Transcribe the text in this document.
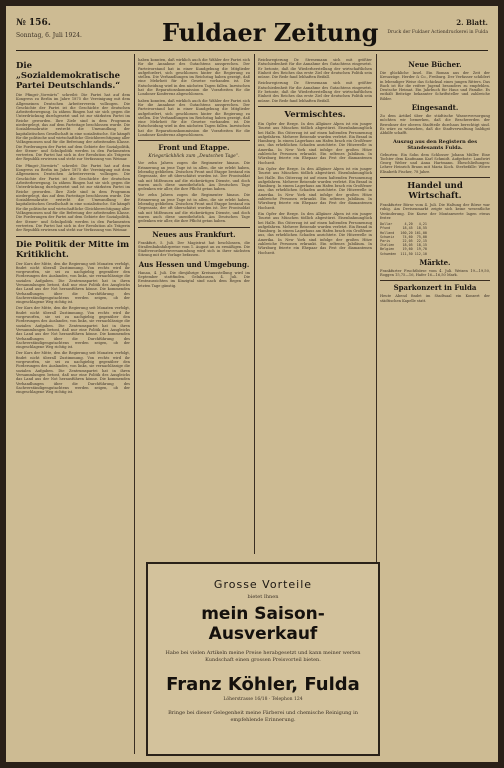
№ 156.
Sonntag, 6. Juli 1924.	Fuldaer Zeitung	2. Blatt.
Druck der Fuldaer Actiendruckerei in Fulda
Die „Sozialdemokratische Partei Deutschlands.“
Die Pfingst-„Vorwärts“ schreibt: Die Partei hat auf dem Kongress zu Berlin im Jahre 1875 die Vereinigung mit dem Allgemeinen Deutschen Arbeiterverein vollzogen. Die Geschichte der Partei ist die Geschichte der deutschen Arbeiterbewegung. In zähem Ringen hat sie sich gegen die Unterdrückung durchgesetzt und ist zur stärksten Partei im Reiche geworden. Ihre Ziele sind in dem Programm niedergelegt, das auf dem Parteitage beschlossen wurde. Die Sozialdemokratie erstrebt die Umwandlung der kapitalistischen Gesellschaft in eine sozialistische. Sie kämpft für die politische und wirtschaftliche Gleichberechtigung aller Volksgenossen und für die Befreiung der arbeitenden Klasse. Die Forderungen der Partei auf dem Gebiete der Sozialpolitik, der Steuer- und Schulpolitik werden in den Parlamenten vertreten. Die Partei hat sich in der Revolution als Trägerin der Republik erwiesen und steht zur Verfassung von Weimar.
Die Pfingst-„Vorwärts“ schreibt: Die Partei hat auf dem Kongress zu Berlin im Jahre 1875 die Vereinigung mit dem Allgemeinen Deutschen Arbeiterverein vollzogen. Die Geschichte der Partei ist die Geschichte der deutschen Arbeiterbewegung. In zähem Ringen hat sie sich gegen die Unterdrückung durchgesetzt und ist zur stärksten Partei im Reiche geworden. Ihre Ziele sind in dem Programm niedergelegt, das auf dem Parteitage beschlossen wurde. Die Sozialdemokratie erstrebt die Umwandlung der kapitalistischen Gesellschaft in eine sozialistische. Sie kämpft für die politische und wirtschaftliche Gleichberechtigung aller Volksgenossen und für die Befreiung der arbeitenden Klasse. Die Forderungen der Partei auf dem Gebiete der Sozialpolitik, der Steuer- und Schulpolitik werden in den Parlamenten vertreten. Die Partei hat sich in der Revolution als Trägerin der Republik erwiesen und steht zur Verfassung von Weimar.
Die Politik der Mitte im Kritiklicht.
Der Kurs der Mitte, den die Regierung seit Monaten verfolgt, findet nicht überall Zustimmung. Von rechts wird ihr vorgeworfen, sie sei zu nachgiebig gegenüber den Forderungen des Auslandes, von links, sie vernachlässige die sozialen Aufgaben. Die Zentrumspartei hat in ihren Versammlungen betont, daß nur eine Politik des Ausgleichs das Land aus der Not herausführen könne. Die kommenden Verhandlungen über die Durchführung des Sachverständigengutachtens werden zeigen, ob der eingeschlagene Weg richtig ist.
Der Kurs der Mitte, den die Regierung seit Monaten verfolgt, findet nicht überall Zustimmung. Von rechts wird ihr vorgeworfen, sie sei zu nachgiebig gegenüber den Forderungen des Auslandes, von links, sie vernachlässige die sozialen Aufgaben. Die Zentrumspartei hat in ihren Versammlungen betont, daß nur eine Politik des Ausgleichs das Land aus der Not herausführen könne. Die kommenden Verhandlungen über die Durchführung des Sachverständigengutachtens werden zeigen, ob der eingeschlagene Weg richtig ist.
Der Kurs der Mitte, den die Regierung seit Monaten verfolgt, findet nicht überall Zustimmung. Von rechts wird ihr vorgeworfen, sie sei zu nachgiebig gegenüber den Forderungen des Auslandes, von links, sie vernachlässige die sozialen Aufgaben. Die Zentrumspartei hat in ihren Versammlungen betont, daß nur eine Politik des Ausgleichs das Land aus der Not herausführen könne. Die kommenden Verhandlungen über die Durchführung des Sachverständigengutachtens werden zeigen, ob der eingeschlagene Weg richtig ist.
haben konnten, daß wirklich auch die Wähler der Partei sich für die Annahme des Gutachtens aussprechen. Der Parteivorstand hat in einer Kundgebung die Mitglieder aufgefordert, sich geschlossen hinter die Regierung zu stellen. Die Verhandlungen im Reichstag haben gezeigt, daß eine Mehrheit für die Gesetze vorhanden ist. Die Entscheidung wird in den nächsten Tagen fallen. Inzwischen hat die Reparationskommission die Vorarbeiten für die Londoner Konferenz abgeschlossen.
haben konnten, daß wirklich auch die Wähler der Partei sich für die Annahme des Gutachtens aussprechen. Der Parteivorstand hat in einer Kundgebung die Mitglieder aufgefordert, sich geschlossen hinter die Regierung zu stellen. Die Verhandlungen im Reichstag haben gezeigt, daß eine Mehrheit für die Gesetze vorhanden ist. Die Entscheidung wird in den nächsten Tagen fallen. Inzwischen hat die Reparationskommission die Vorarbeiten für die Londoner Konferenz abgeschlossen.
Front und Etappe.
Kriegsrückblick zum „Deutschen Tage“.
Vor zehn Jahren zogen die Regimenter hinaus. Die Erinnerung an jene Tage ist in allen, die sie erlebt haben, lebendig geblieben. Zwischen Front und Etappe bestand ein Gegensatz, der oft überschätzt worden ist. Der Frontsoldat sah mit Mißtrauen auf die rückwärtigen Dienste, und doch waren auch diese unentbehrlich. Am Deutschen Tage gedenken wir aller, die ihre Pflicht getan haben.
Vor zehn Jahren zogen die Regimenter hinaus. Die Erinnerung an jene Tage ist in allen, die sie erlebt haben, lebendig geblieben. Zwischen Front und Etappe bestand ein Gegensatz, der oft überschätzt worden ist. Der Frontsoldat sah mit Mißtrauen auf die rückwärtigen Dienste, und doch waren auch diese unentbehrlich. Am Deutschen Tage gedenken wir aller, die ihre Pflicht getan haben.
Neues aus Frankfurt.
Frankfurt, 5. Juli. Der Magistrat hat beschlossen, die Straßenbahnfahrpreise vom 1. August an zu ermäßigen. Die Stadtverordnetenversammlung wird sich in ihrer nächsten Sitzung mit der Vorlage befassen.
Aus Hessen und Umgebung.
Hanau, 4. Juli. Die diesjährige Kreisausstellung wird im September stattfinden. Gelnhausen, 4. Juli. Die Ernteaussichten im Kinzigtal sind nach dem Regen der letzten Tage günstig.
Reichsregierung Dr. Stresemann sich mit größter Entschiedenheit für die Annahme des Gutachtens eingesetzt. Er betonte, daß die Wiederherstellung der wirtschaftlichen Einheit des Reiches das erste Ziel der deutschen Politik sein müsse. Die Rede fand lebhaften Beifall.
Reichsregierung Dr. Stresemann sich mit größter Entschiedenheit für die Annahme des Gutachtens eingesetzt. Er betonte, daß die Wiederherstellung der wirtschaftlichen Einheit des Reiches das erste Ziel der deutschen Politik sein müsse. Die Rede fand lebhaften Beifall.
Vermischtes.
Ein Opfer der Berge. In den Allgäuer Alpen ist ein junger Tourist aus München tödlich abgestürzt. Eisenbahnunglück bei Halle. Ein Güterzug ist auf einen haltenden Personenzug aufgefahren. Mehrere Reisende wurden verletzt. Ein Brand in Hamburg. In einem Lagerhaus am Hafen brach ein Großfeuer aus, das erheblichen Schaden anrichtete. Die Hitzewelle in Amerika. In New York sind infolge der großen Hitze zahlreiche Personen erkrankt. Ein seltenes Jubiläum. In Würzburg feierte ein Ehepaar das Fest der diamantenen Hochzeit.
Ein Opfer der Berge. In den Allgäuer Alpen ist ein junger Tourist aus München tödlich abgestürzt. Eisenbahnunglück bei Halle. Ein Güterzug ist auf einen haltenden Personenzug aufgefahren. Mehrere Reisende wurden verletzt. Ein Brand in Hamburg. In einem Lagerhaus am Hafen brach ein Großfeuer aus, das erheblichen Schaden anrichtete. Die Hitzewelle in Amerika. In New York sind infolge der großen Hitze zahlreiche Personen erkrankt. Ein seltenes Jubiläum. In Würzburg feierte ein Ehepaar das Fest der diamantenen Hochzeit.
Ein Opfer der Berge. In den Allgäuer Alpen ist ein junger Tourist aus München tödlich abgestürzt. Eisenbahnunglück bei Halle. Ein Güterzug ist auf einen haltenden Personenzug aufgefahren. Mehrere Reisende wurden verletzt. Ein Brand in Hamburg. In einem Lagerhaus am Hafen brach ein Großfeuer aus, das erheblichen Schaden anrichtete. Die Hitzewelle in Amerika. In New York sind infolge der großen Hitze zahlreiche Personen erkrankt. Ein seltenes Jubiläum. In Würzburg feierte ein Ehepaar das Fest der diamantenen Hochzeit.
Neue Bücher.
Die glückliche Insel. Ein Roman aus der Zeit der Kreuzzüge. Herder & Co., Freiburg. Der Verfasser schildert in lebendiger Weise das Schicksal eines jungen Ritters. Das Buch ist für die reifere Jugend besonders zu empfehlen. Deutsche Heimat. Ein Jahrbuch für Haus und Familie. Es enthält Beiträge bekannter Schriftsteller und zahlreiche Bilder.
Eingesandt.
Zu dem Artikel über die städtische Wasserversorgung möchten wir bemerken, daß die Beschwerden der Bewohner der oberen Stadtteile durchaus berechtigt sind. Es wäre zu wünschen, daß die Stadtverwaltung baldigst Abhilfe schafft.
Auszug aus den Registern des Standesamts Fulda.
Geburten: Ein Sohn dem Schlosser Johann Müller. Eine Tochter dem Kaufmann Karl Schmidt. Aufgebote: Landwirt Georg Weber und Anna Hartmann. Eheschließungen: Lehrer Heinrich Braun mit Maria Koch. Sterbefälle: Witwe Elisabeth Fischer, 78 Jahre.
Handel und Wirtschaft.
Frankfurter Börse vom 4. Juli. Die Haltung der Börse war ruhig. Am Devisenmarkt zeigte sich keine wesentliche Veränderung. Die Kurse der Montanwerte lagen etwas fester.
Dollar      4,20   4,21
Pfund      18,45  18,55
Holland   160,20 161,00
Schweiz    74,60  75,00
Paris      22,05  22,15
Italien    18,05  18,15
Belgien    19,60  19,70
Schweden  111,50 112,10
Märkte.
Frankfurter Fruchtbörse vom 4. Juli. Weizen 19—19,50, Roggen 15,75—16, Hafer 16—16,50 Mark.
Sparkonzert in Fulda
Heute Abend findet im Stadtsaal ein Konzert der städtischen Kapelle statt.
Grosse Vorteile
bietet Ihnen
mein Saison-Ausverkauf
Habe bei vielen Artikeln meine Preise herabgesetzt und kann meiner werten Kundschaft einen grossen Preisvorteil bieten.
Franz Köhler, Fulda
Löherstrasse 16/18 · Telephon 124
Bringe bei dieser Gelegenheit meine Färberei und chemische Reinigung in empfehlende Erinnerung.
